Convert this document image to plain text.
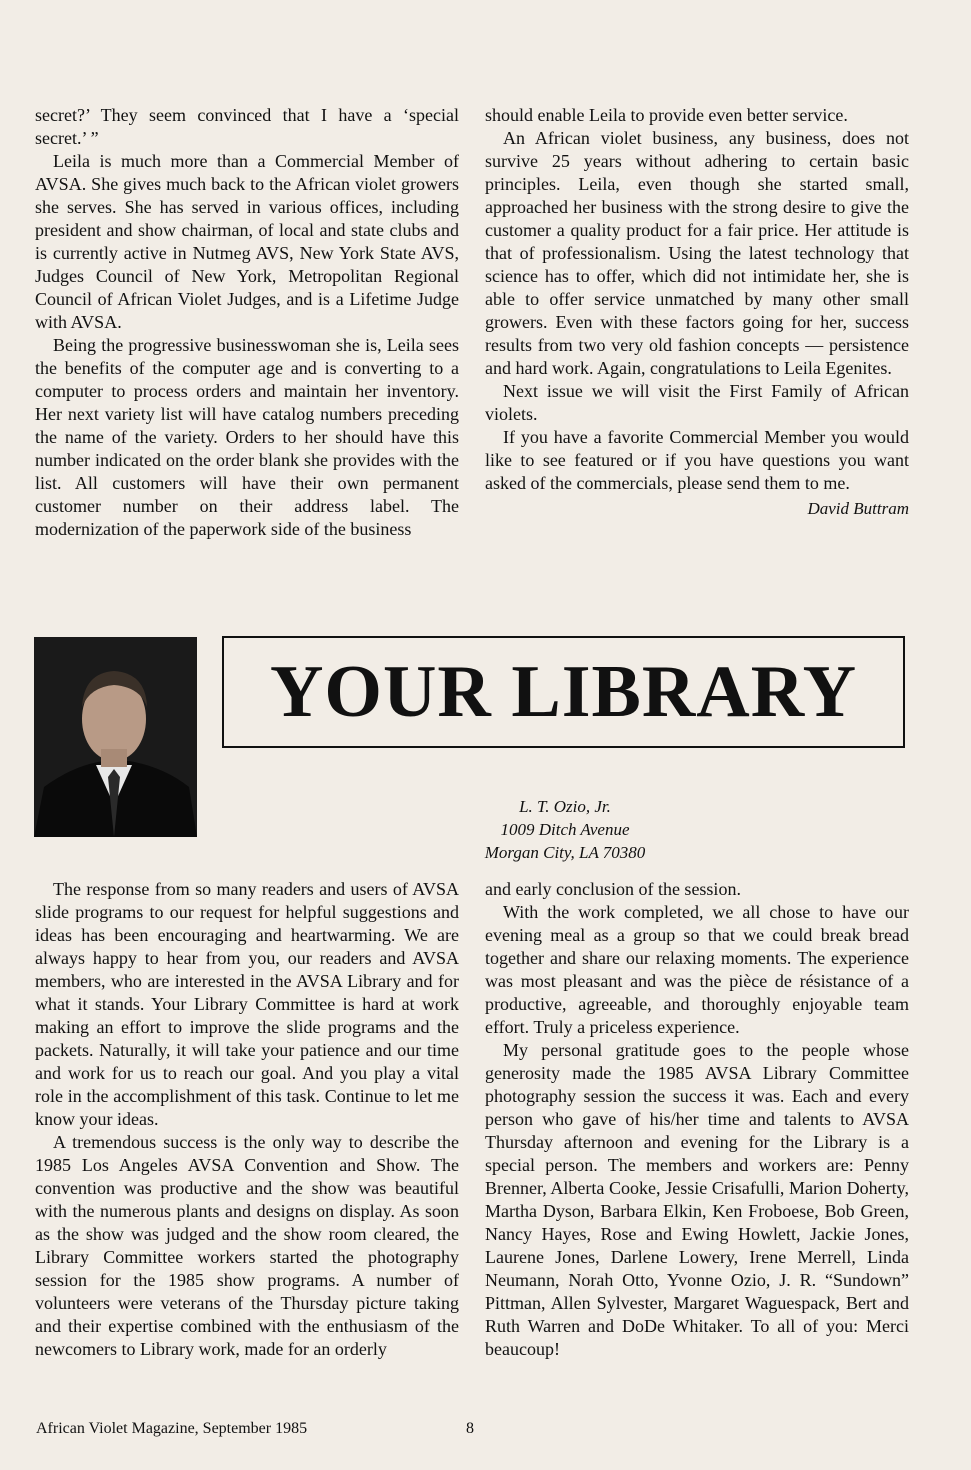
secret?’ They seem convinced that I have a ‘special secret.’ ”

Leila is much more than a Commercial Member of AVSA. She gives much back to the African violet growers she serves. She has served in various offices, including president and show chairman, of local and state clubs and is currently active in Nutmeg AVS, New York State AVS, Judges Council of New York, Metropolitan Regional Council of African Violet Judges, and is a Lifetime Judge with AVSA.

Being the progressive businesswoman she is, Leila sees the benefits of the computer age and is converting to a computer to process orders and maintain her inventory. Her next variety list will have catalog numbers preceding the name of the variety. Orders to her should have this number indicated on the order blank she provides with the list. All customers will have their own permanent customer number on their address label. The modernization of the paperwork side of the business

should enable Leila to provide even better service.

An African violet business, any business, does not survive 25 years without adhering to certain basic principles. Leila, even though she started small, approached her business with the strong desire to give the customer a quality product for a fair price. Her attitude is that of professionalism. Using the latest technology that science has to offer, which did not intimidate her, she is able to offer service unmatched by many other small growers. Even with these factors going for her, success results from two very old fashion concepts — persistence and hard work. Again, congratulations to Leila Egenites.

Next issue we will visit the First Family of African violets.

If you have a favorite Commercial Member you would like to see featured or if you have questions you want asked of the commercials, please send them to me.

David Buttram

YOUR LIBRARY
L. T. Ozio, Jr.
1009 Ditch Avenue
Morgan City, LA 70380

The response from so many readers and users of AVSA slide programs to our request for helpful suggestions and ideas has been encouraging and heartwarming. We are always happy to hear from you, our readers and AVSA members, who are interested in the AVSA Library and for what it stands. Your Library Committee is hard at work making an effort to improve the slide programs and the packets. Naturally, it will take your patience and our time and work for us to reach our goal. And you play a vital role in the accomplishment of this task. Continue to let me know your ideas.

A tremendous success is the only way to describe the 1985 Los Angeles AVSA Convention and Show. The convention was productive and the show was beautiful with the numerous plants and designs on display. As soon as the show was judged and the show room cleared, the Library Committee workers started the photography session for the 1985 show programs. A number of volunteers were veterans of the Thursday picture taking and their expertise combined with the enthusiasm of the newcomers to Library work, made for an orderly

and early conclusion of the session.

With the work completed, we all chose to have our evening meal as a group so that we could break bread together and share our relaxing moments. The experience was most pleasant and was the pièce de résistance of a productive, agreeable, and thoroughly enjoyable team effort. Truly a priceless experience.

My personal gratitude goes to the people whose generosity made the 1985 AVSA Library Committee photography session the success it was. Each and every person who gave of his/her time and talents to AVSA Thursday afternoon and evening for the Library is a special person. The members and workers are: Penny Brenner, Alberta Cooke, Jessie Crisafulli, Marion Doherty, Martha Dyson, Barbara Elkin, Ken Froboese, Bob Green, Nancy Hayes, Rose and Ewing Howlett, Jackie Jones, Laurene Jones, Darlene Lowery, Irene Merrell, Linda Neumann, Norah Otto, Yvonne Ozio, J. R. “Sundown” Pittman, Allen Sylvester, Margaret Waguespack, Bert and Ruth Warren and DoDe Whitaker. To all of you: Merci beaucoup!

African Violet Magazine, September 1985	8
